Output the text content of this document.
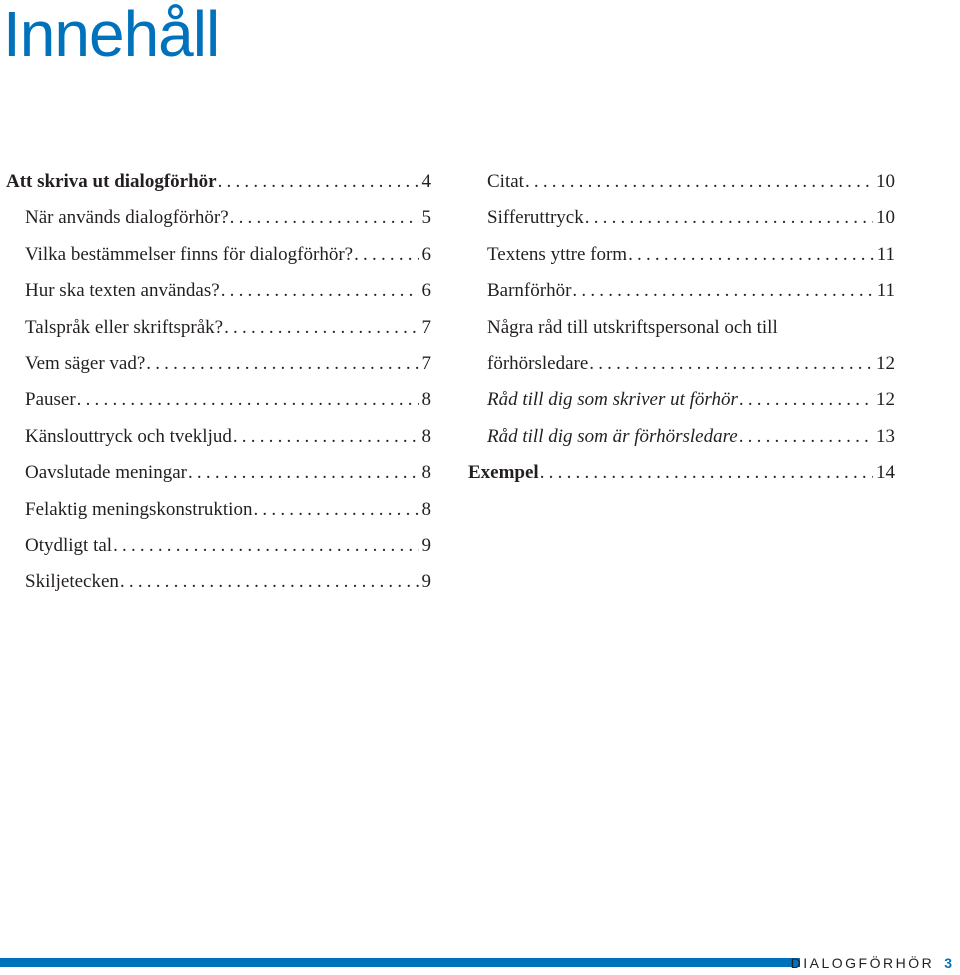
Innehåll
Att skriva ut dialogförhör .....	4
När används dialogförhör? .....	5
Vilka bestämmelser finns för dialogförhör? .....	6
Hur ska texten användas? .....	6
Talspråk eller skriftspråk? .....	7
Vem säger vad? .....	7
Pauser .....	8
Känslouttryck och tvekljud .....	8
Oavslutade meningar .....	8
Felaktig meningskonstruktion .....	8
Otydligt tal .....	9
Skiljetecken .....	9
Citat .....	10
Sifferuttryck .....	10
Textens yttre form .....	11
Barnförhör .....	11
Några råd till utskriftspersonal och till
förhörsledare .....	12
Råd till dig som skriver ut förhör .....	12
Råd till dig som är förhörsledare .....	13
Exempel .....	14
DIALOGFÖRHÖR 3
